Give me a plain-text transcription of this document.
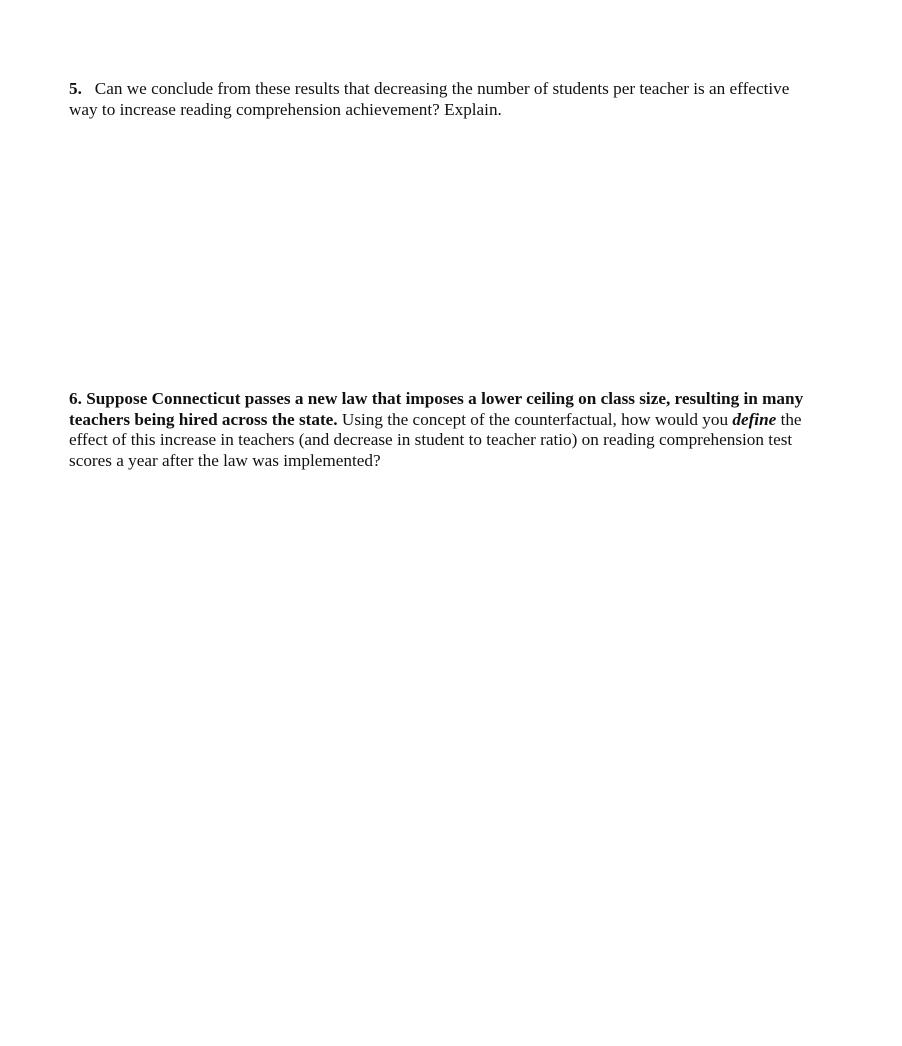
5. Can we conclude from these results that decreasing the number of students per teacher is an effective
way to increase reading comprehension achievement? Explain.
6. Suppose Connecticut passes a new law that imposes a lower ceiling on class size, resulting in many
teachers being hired across the state. Using the concept of the counterfactual, how would you define the
effect of this increase in teachers (and decrease in student to teacher ratio) on reading comprehension test
scores a year after the law was implemented?
